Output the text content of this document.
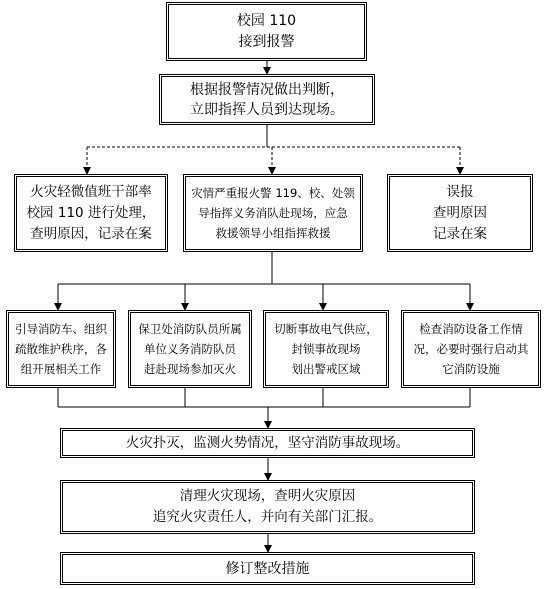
校园 110
接到报警
根据报警情况做出判断，
立即指挥人员到达现场。
火灾轻微值班干部率
校园 110 进行处理，
查明原因，记录在案
灾情严重报火警 119、校、处领
导指挥义务消队赴现场，应急
救援领导小组指挥救援
误报
查明原因
记录在案
引导消防车、组织
疏散维护秩序，各
组开展相关工作
保卫处消防队员所属
单位义务消防队员
赶赴现场参加灭火
切断事故电气供应，
封锁事故现场
划出警戒区域
检查消防设备工作情
况，必要时强行启动其
它消防设施
火灾扑灭，监测火势情况，坚守消防事故现场。
清理火灾现场，查明火灾原因
追究火灾责任人，并向有关部门汇报。
修订整改措施
